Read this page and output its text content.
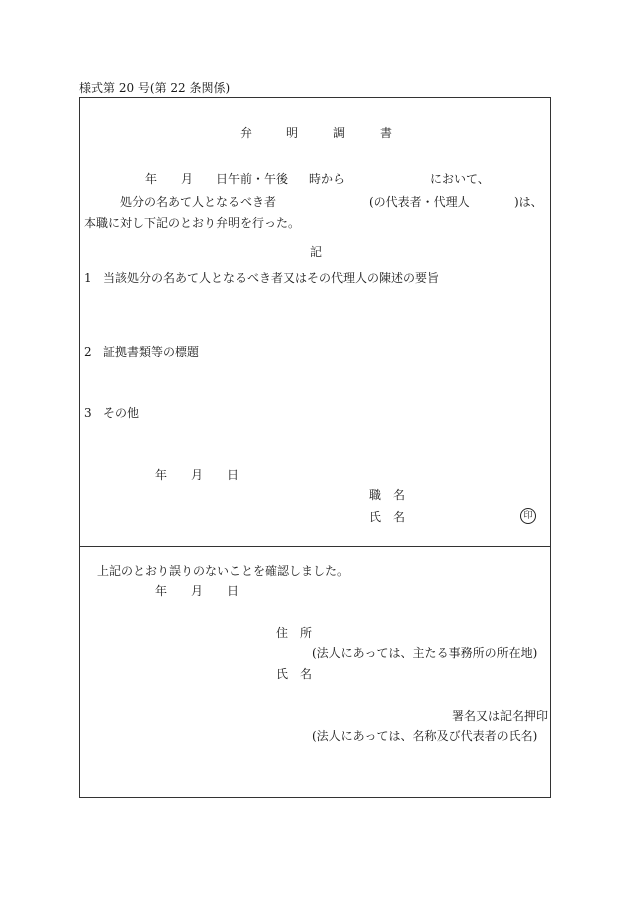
様式第 20 号(第 22 条関係)
弁	明	調	書
年 月 日午前・午後 時から	において、
処分の名あて人となるべき者	(の代表者・代理人	)は、
本職に対し下記のとおり弁明を行った。
記
1 当該処分の名あて人となるべき者又はその代理人の陳述の要旨
2 証拠書類等の標題
3 その他
年 月 日
職　名
氏　名	印
上記のとおり誤りのないことを確認しました。
年 月 日
住　所
(法人にあっては、主たる事務所の所在地)
氏　名
署名又は記名押印
(法人にあっては、名称及び代表者の氏名)
